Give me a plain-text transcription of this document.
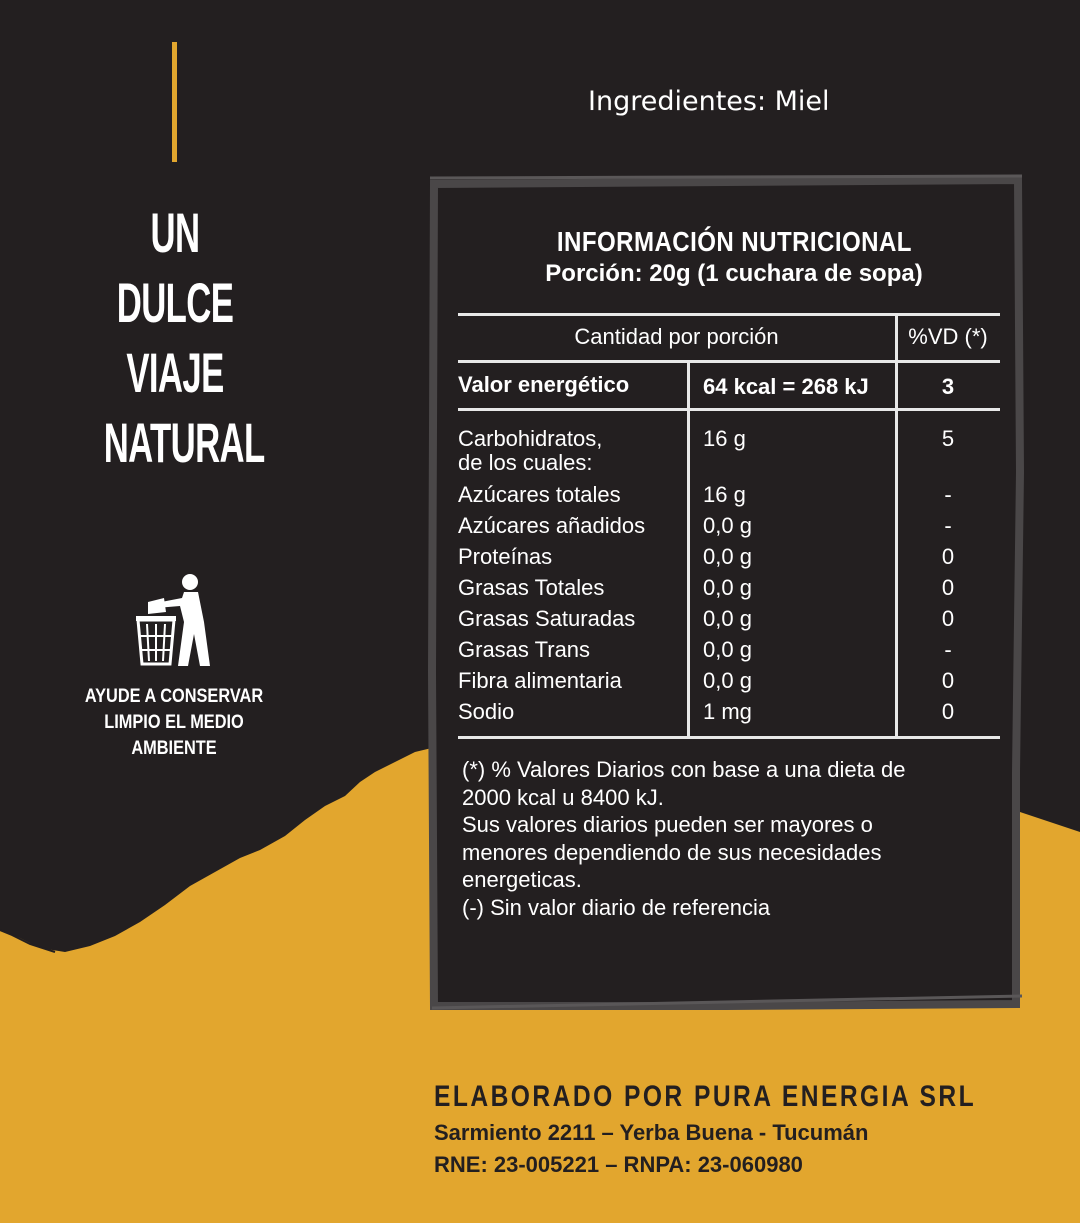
UN DULCE
VIAJE
NATURAL
AYUDE A CONSERVAR
LIMPIO EL MEDIO
AMBIENTE
Ingredientes: Miel
INFORMACIÓN NUTRICIONAL
Porción: 20g (1 cuchara de sopa)
Cantidad por porción	%VD (*)
Valor energético	64 kcal = 268 kJ	3
Carbohidratos,
de los cuales:
16 g	5
Azúcares totales	16 g	-
Azúcares añadidos	0,0 g	-
Proteínas	0,0 g	0
Grasas Totales	0,0 g	0
Grasas Saturadas	0,0 g	0
Grasas Trans	0,0 g	-
Fibra alimentaria	0,0 g	0
Sodio	1 mg	0
(*) % Valores Diarios con base a una dieta de
2000 kcal u 8400 kJ.
Sus valores diarios pueden ser mayores o
menores dependiendo de sus necesidades
energeticas.
(-) Sin valor diario de referencia
ELABORADO POR PURA ENERGIA SRL
Sarmiento 2211 – Yerba Buena - Tucumán
RNE: 23-005221 – RNPA: 23-060980
